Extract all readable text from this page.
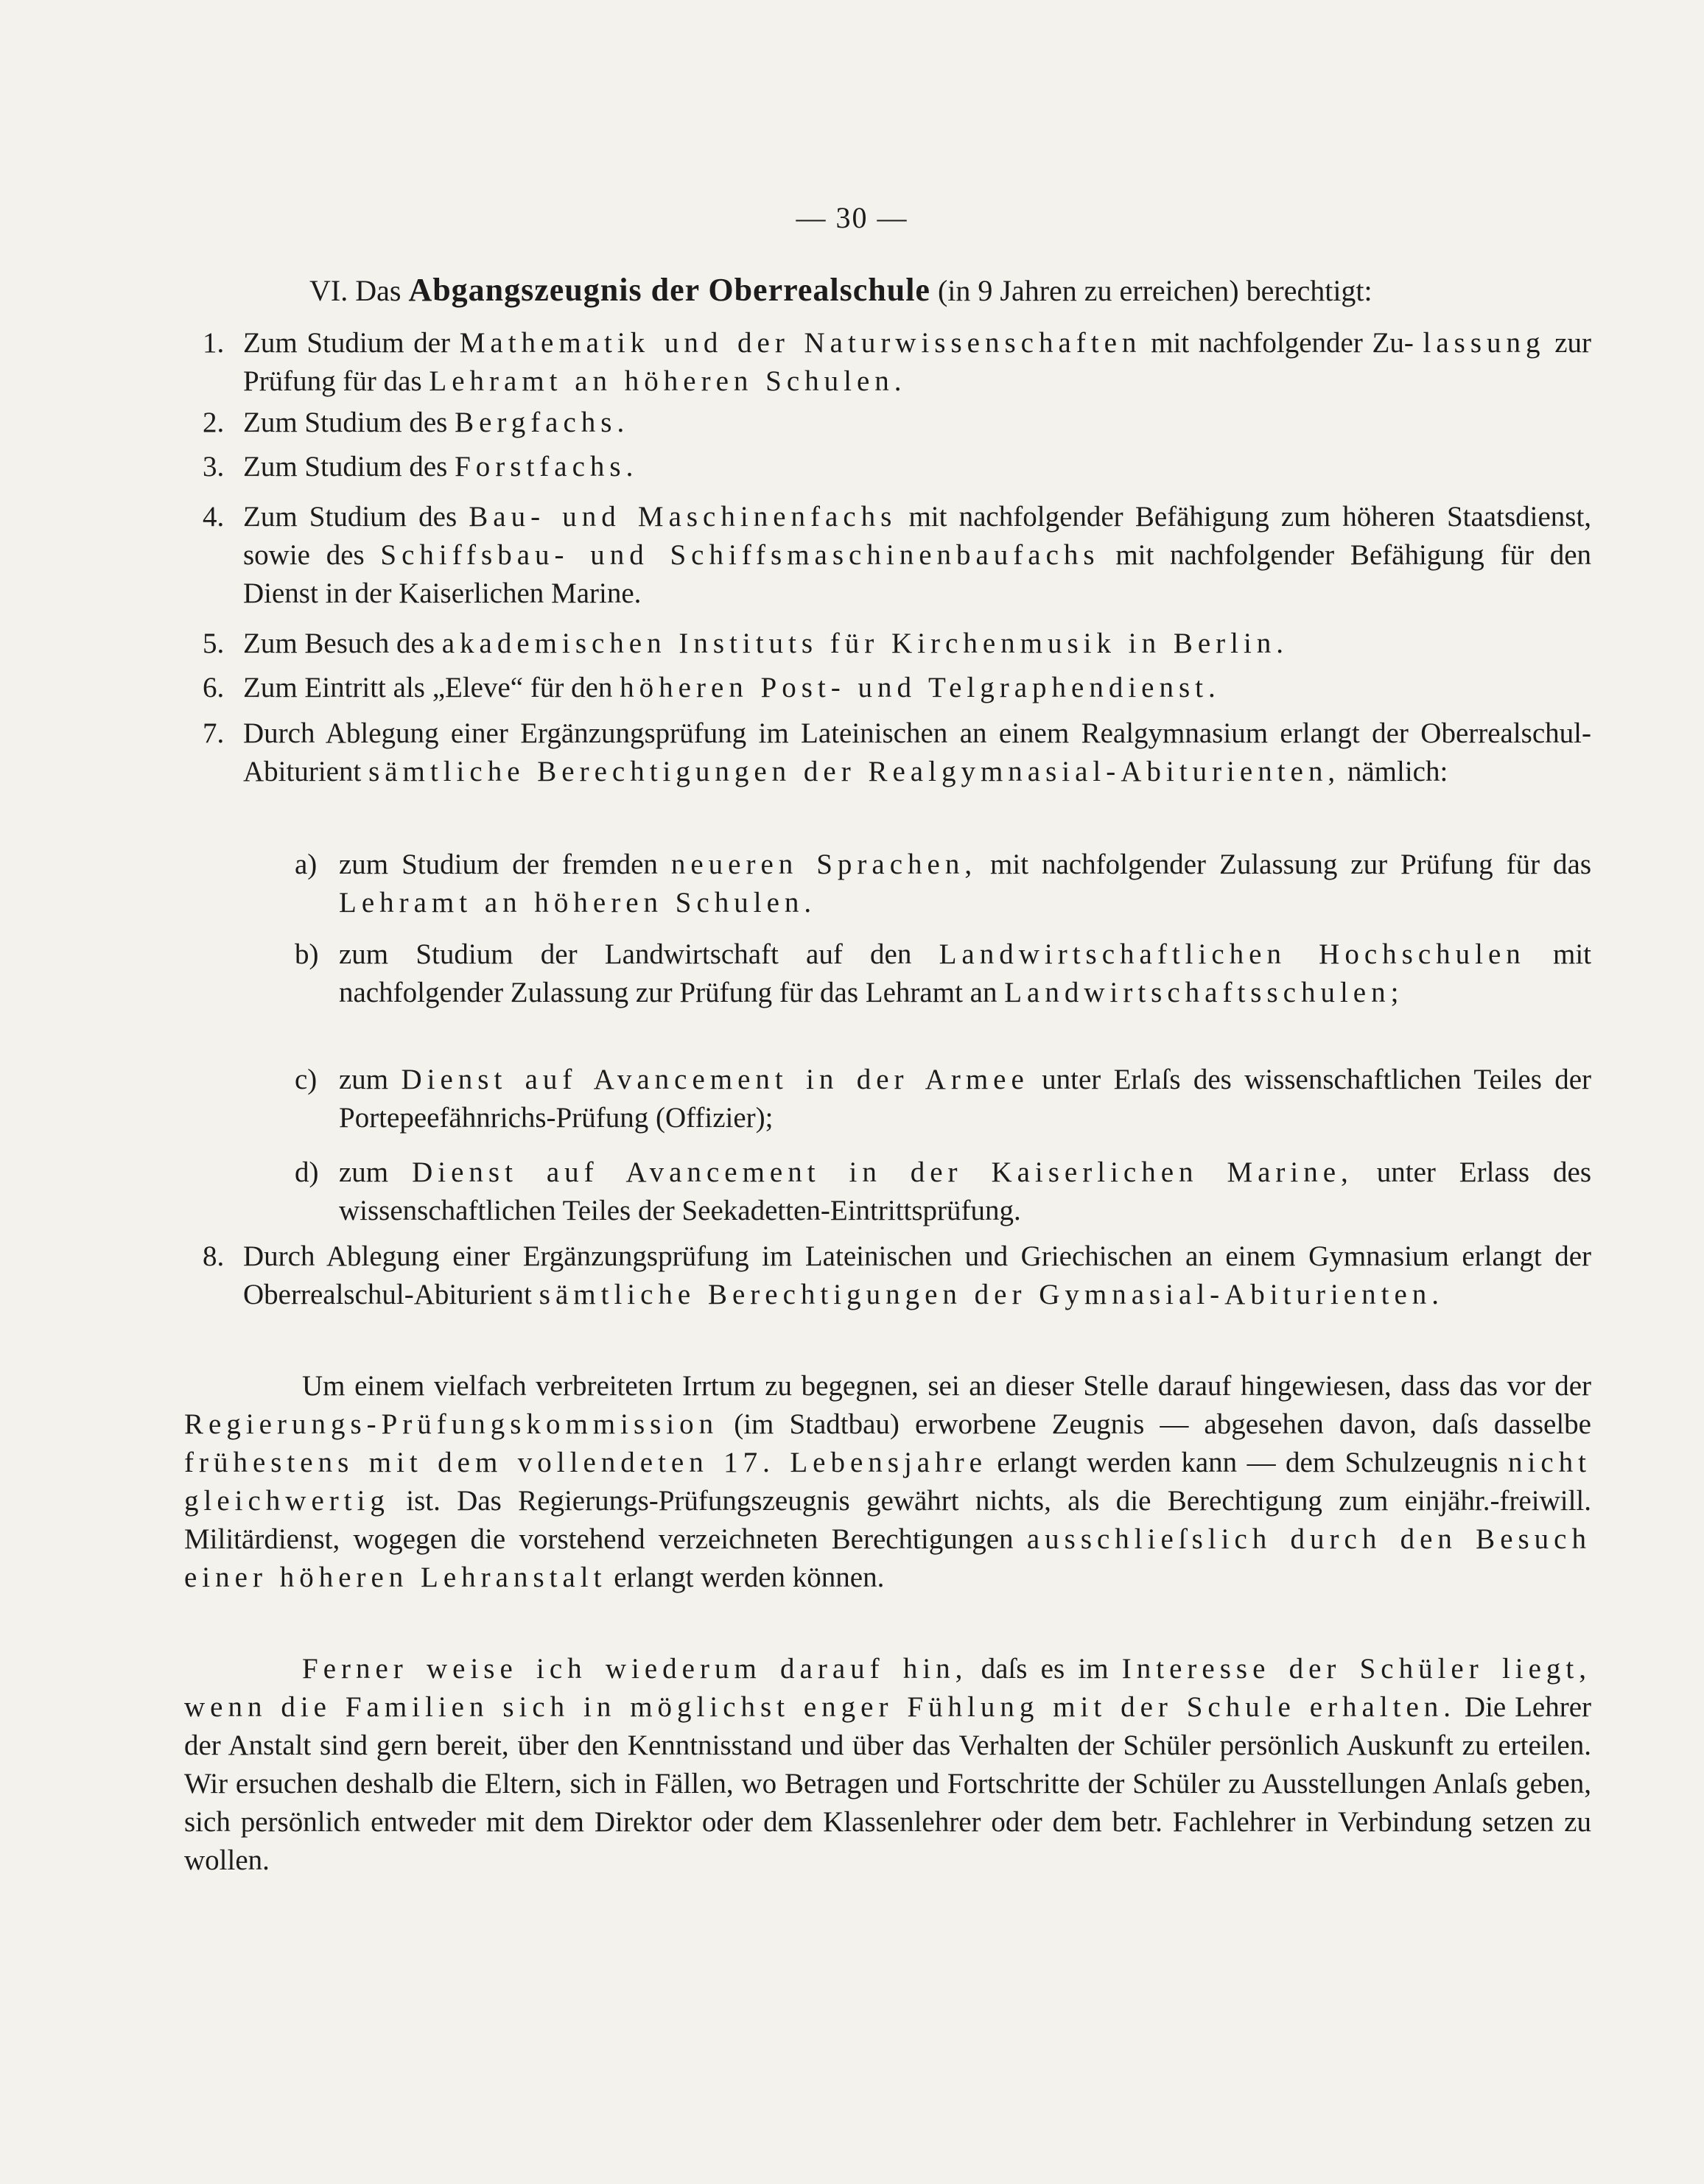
— 30 —
VI. Das Abgangszeugnis der Oberrealschule (in 9 Jahren zu erreichen) berechtigt:
1. Zum Studium der Mathematik und der Naturwissenschaften mit nachfolgender Zu- lassung zur Prüfung für das Lehramt an höheren Schulen.
2. Zum Studium des Bergfachs.
3. Zum Studium des Forstfachs.
4. Zum Studium des Bau- und Maschinenfachs mit nachfolgender Befähigung zum höheren Staatsdienst, sowie des Schiffsbau- und Schiffsmaschinenbaufachs mit nachfolgender Befähigung für den Dienst in der Kaiserlichen Marine.
5. Zum Besuch des akademischen Instituts für Kirchenmusik in Berlin.
6. Zum Eintritt als „Eleve“ für den höheren Post- und Telgraphendienst.
7. Durch Ablegung einer Ergänzungsprüfung im Lateinischen an einem Realgymnasium erlangt der Oberrealschul-Abiturient sämtliche Berechtigungen der Realgymnasial-Abiturienten, nämlich:
a) zum Studium der fremden neueren Sprachen, mit nachfolgender Zulassung zur Prüfung für das Lehramt an höheren Schulen.
b) zum Studium der Landwirtschaft auf den Landwirtschaftlichen Hochschulen mit nachfolgender Zulassung zur Prüfung für das Lehramt an Landwirtschaftsschulen;
c) zum Dienst auf Avancement in der Armee unter Erlaſs des wissenschaftlichen Teiles der Portepeefähnrichs-Prüfung (Offizier);
d) zum Dienst auf Avancement in der Kaiserlichen Marine, unter Erlass des wissenschaftlichen Teiles der Seekadetten-Eintrittsprüfung.
8. Durch Ablegung einer Ergänzungsprüfung im Lateinischen und Griechischen an einem Gymnasium erlangt der Oberrealschul-Abiturient sämtliche Berechtigungen der Gymnasial-Abiturienten.
Um einem vielfach verbreiteten Irrtum zu begegnen, sei an dieser Stelle darauf hingewiesen, dass das vor der Regierungs-Prüfungskommission (im Stadtbau) erworbene Zeugnis — abgesehen davon, daſs dasselbe frühestens mit dem vollendeten 17. Lebensjahre erlangt werden kann — dem Schulzeugnis nicht gleichwertig ist. Das Regierungs-Prüfungszeugnis gewährt nichts, als die Berechtigung zum einjähr.-freiwill. Militärdienst, wogegen die vorstehend verzeichneten Berechtigungen ausschlieſslich durch den Besuch einer höheren Lehranstalt erlangt werden können.
Ferner weise ich wiederum darauf hin, daſs es im Interesse der Schüler liegt, wenn die Familien sich in möglichst enger Fühlung mit der Schule erhalten. Die Lehrer der Anstalt sind gern bereit, über den Kenntnisstand und über das Verhalten der Schüler persönlich Auskunft zu erteilen. Wir ersuchen deshalb die Eltern, sich in Fällen, wo Betragen und Fortschritte der Schüler zu Ausstellungen Anlaſs geben, sich persönlich entweder mit dem Direktor oder dem Klassenlehrer oder dem betr. Fachlehrer in Verbindung setzen zu wollen.
